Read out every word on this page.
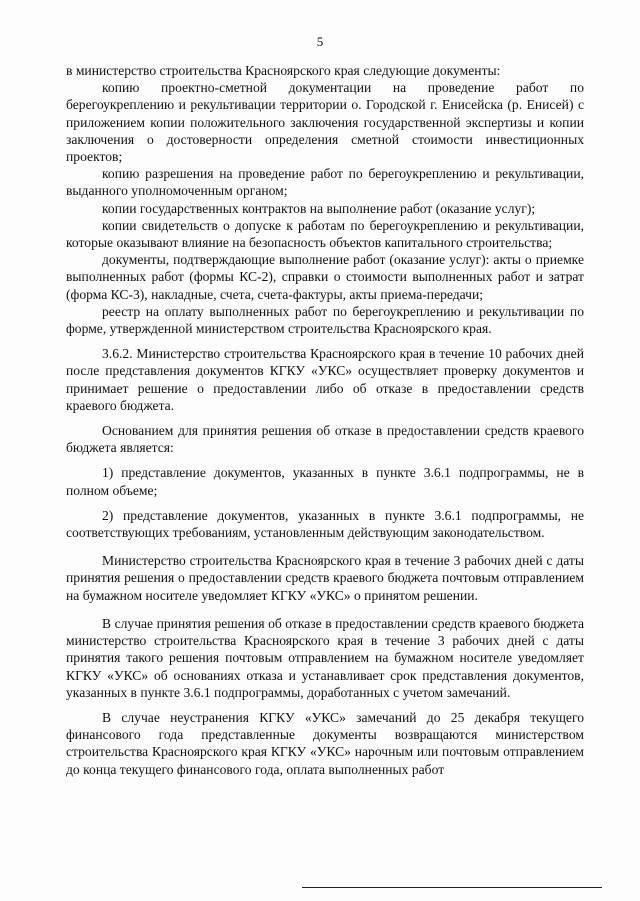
5

в министерство строительства Красноярского края следующие документы:

копию проектно-сметной документации на проведение работ по берегоукреплению и рекультивации территории о. Городской г. Енисейска (р. Енисей) с приложением копии положительного заключения государственной экспертизы и копии заключения о достоверности определения сметной стоимости инвестиционных проектов;

копию разрешения на проведение работ по берегоукреплению и рекультивации, выданного уполномоченным органом;

копии государственных контрактов на выполнение работ (оказание услуг);

копии свидетельств о допуске к работам по берегоукреплению и рекультивации, которые оказывают влияние на безопасность объектов капитального строительства;

документы, подтверждающие выполнение работ (оказание услуг): акты о приемке выполненных работ (формы КС-2), справки о стоимости выполненных работ и затрат (форма КС-3), накладные, счета, счета-фактуры, акты приема-передачи;

реестр на оплату выполненных работ по берегоукреплению и рекультивации по форме, утвержденной министерством строительства Красноярского края.

3.6.2. Министерство строительства Красноярского края в течение 10 рабочих дней после представления документов КГКУ «УКС» осуществляет проверку документов и принимает решение о предоставлении либо об отказе в предоставлении средств краевого бюджета.

Основанием для принятия решения об отказе в предоставлении средств краевого бюджета является:

1) представление документов, указанных в пункте 3.6.1 подпрограммы, не в полном объеме;

2) представление документов, указанных в пункте 3.6.1 подпрограммы, не соответствующих требованиям, установленным действующим законодательством.

Министерство строительства Красноярского края в течение 3 рабочих дней с даты принятия решения о предоставлении средств краевого бюджета почтовым отправлением на бумажном носителе уведомляет КГКУ «УКС» о принятом решении.

В случае принятия решения об отказе в предоставлении средств краевого бюджета министерство строительства Красноярского края в течение 3 рабочих дней с даты принятия такого решения почтовым отправлением на бумажном носителе уведомляет КГКУ «УКС» об основаниях отказа и устанавливает срок представления документов, указанных в пункте 3.6.1 подпрограммы, доработанных с учетом замечаний.

В случае неустранения КГКУ «УКС» замечаний до 25 декабря текущего финансового года представленные документы возвращаются министерством строительства Красноярского края КГКУ «УКС» нарочным или почтовым отправлением до конца текущего финансового года, оплата выполненных работ
